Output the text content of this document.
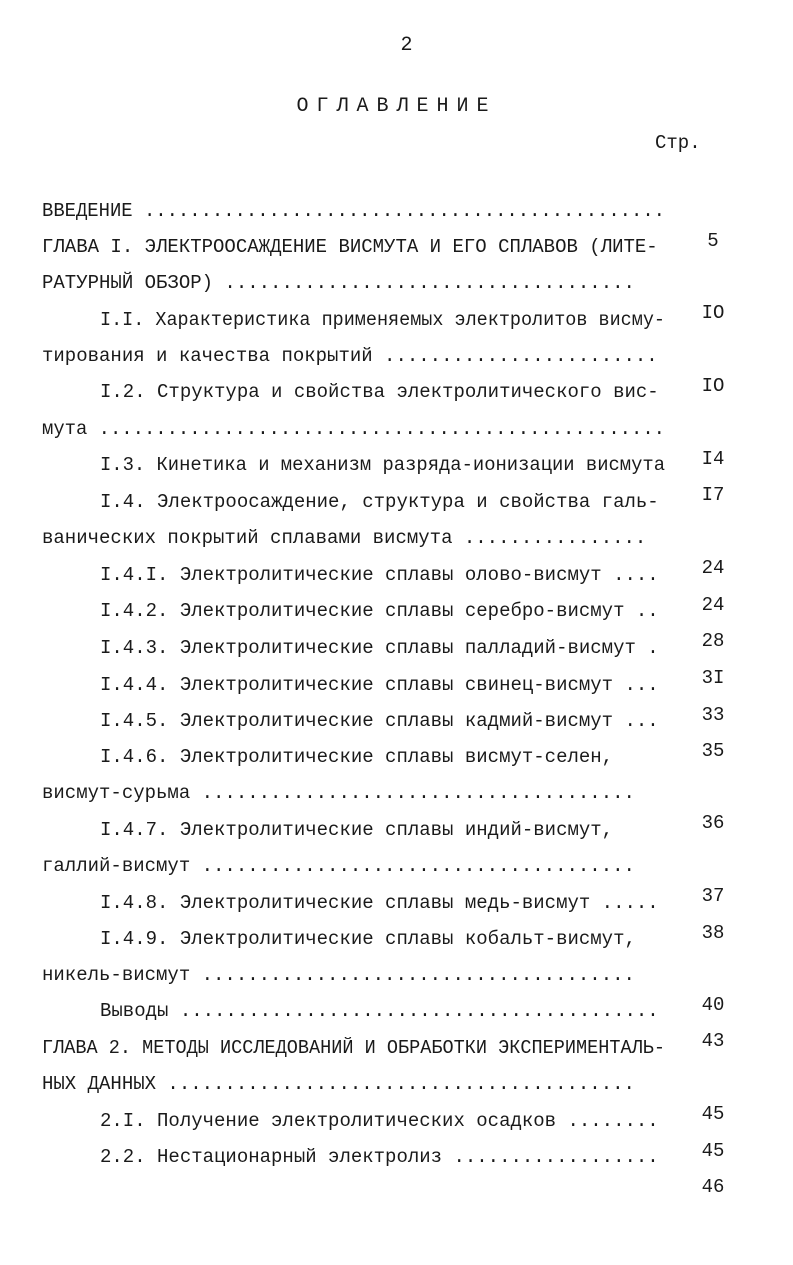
2
ОГЛАВЛЕНИЕ
Стр.

ВВЕДЕНИЕ ..............................................

5

ГЛАВА I. ЭЛЕКТРООСАЖДЕНИЕ ВИСМУТА И ЕГО СПЛАВОВ (ЛИТЕ-

РАТУРНЫЙ ОБЗОР) ....................................

IO

I.I. Характеристика применяемых электролитов висму-

тирования и качества покрытий ........................

IO

I.2. Структура и свойства электролитического вис-

мута ..................................................

I4

I.3. Кинетика и механизм разряда-ионизации висмута

I7

I.4. Электроосаждение, структура и свойства галь-

ванических покрытий сплавами висмута ................

24

I.4.I. Электролитические сплавы олово-висмут ....

24

I.4.2. Электролитические сплавы серебро-висмут ..

28

I.4.3. Электролитические сплавы палладий-висмут .

3I

I.4.4. Электролитические сплавы свинец-висмут ...

33

I.4.5. Электролитические сплавы кадмий-висмут ...

35

I.4.6. Электролитические сплавы висмут-селен,

висмут-сурьма ......................................

36

I.4.7. Электролитические сплавы индий-висмут,

галлий-висмут ......................................

37

I.4.8. Электролитические сплавы медь-висмут .....

38

I.4.9. Электролитические сплавы кобальт-висмут,

никель-висмут ......................................

40

Выводы ..........................................

43

ГЛАВА 2. МЕТОДЫ ИССЛЕДОВАНИЙ И ОБРАБОТКИ ЭКСПЕРИМЕНТАЛЬ-

НЫХ ДАННЫХ .........................................

45

2.I. Получение электролитических осадков ........

45

2.2. Нестационарный электролиз ..................

46
